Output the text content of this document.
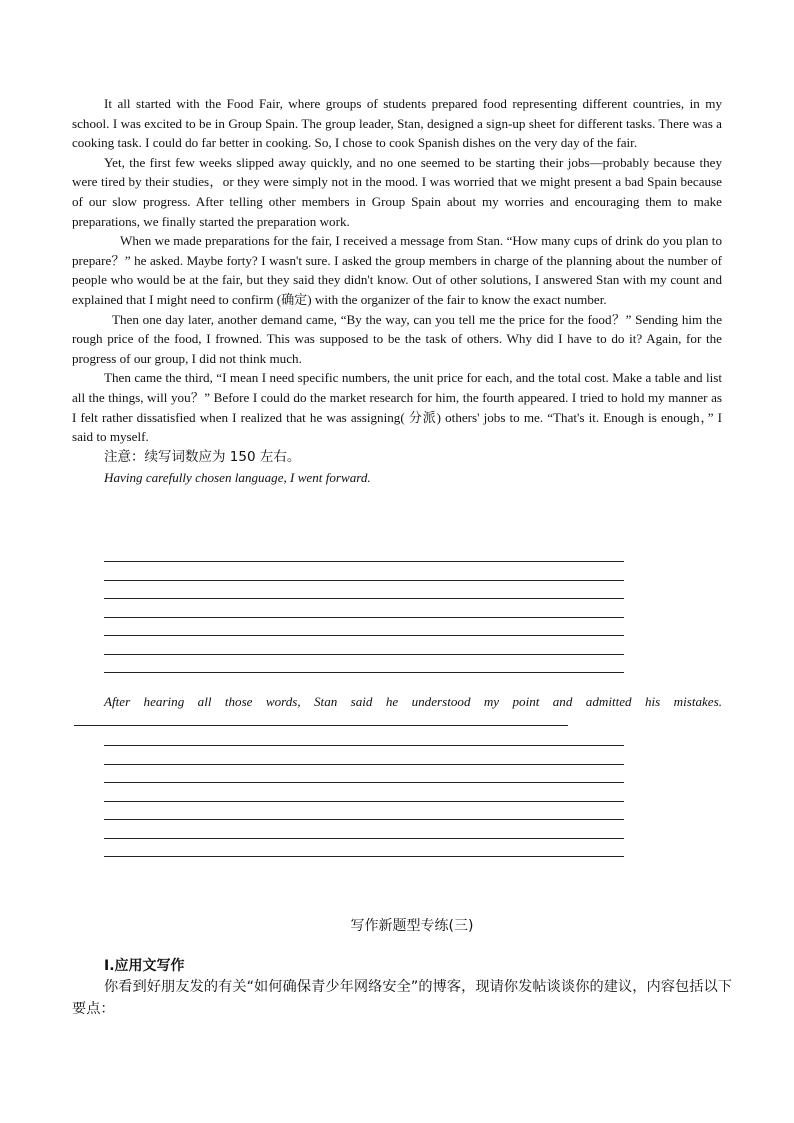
It all started with the Food Fair, where groups of students prepared food representing different countries, in my school. I was excited to be in Group Spain. The group leader, Stan, designed a sign-up sheet for different tasks. There was a cooking task. I could do far better in cooking. So, I chose to cook Spanish dishes on the very day of the fair.

Yet, the first few weeks slipped away quickly, and no one seemed to be starting their jobs—probably because they were tired by their studies，or they were simply not in the mood. I was worried that we might present a bad Spain because of our slow progress. After telling other members in Group Spain about my worries and encouraging them to make preparations, we finally started the preparation work.

When we made preparations for the fair, I received a message from Stan. “How many cups of drink do you plan to prepare？” he asked. Maybe forty? I wasn't sure. I asked the group members in charge of the planning about the number of people who would be at the fair, but they said they didn't know. Out of other solutions, I answered Stan with my count and explained that I might need to confirm (确定) with the organizer of the fair to know the exact number.

Then one day later, another demand came, “By the way, can you tell me the price for the food？” Sending him the rough price of the food, I frowned. This was supposed to be the task of others. Why did I have to do it? Again, for the progress of our group, I did not think much.

Then came the third, “I mean I need specific numbers, the unit price for each, and the total cost. Make a table and list all the things, will you？” Before I could do the market research for him, the fourth appeared. I tried to hold my manner as I felt rather dissatisfied when I realized that he was assigning( 分派) others' jobs to me. “That's it. Enough is enough，” I said to myself.

注意：续写词数应为 150 左右。

Having carefully chosen language, I went forward.

After hearing all those words, Stan said he understood my point and admitted his mistakes.

写作新题型专练(三)
Ⅰ.应用文写作

你看到好朋友发的有关“如何确保青少年网络安全”的博客，现请你发帖谈谈你的建议，内容包括以下要点：
